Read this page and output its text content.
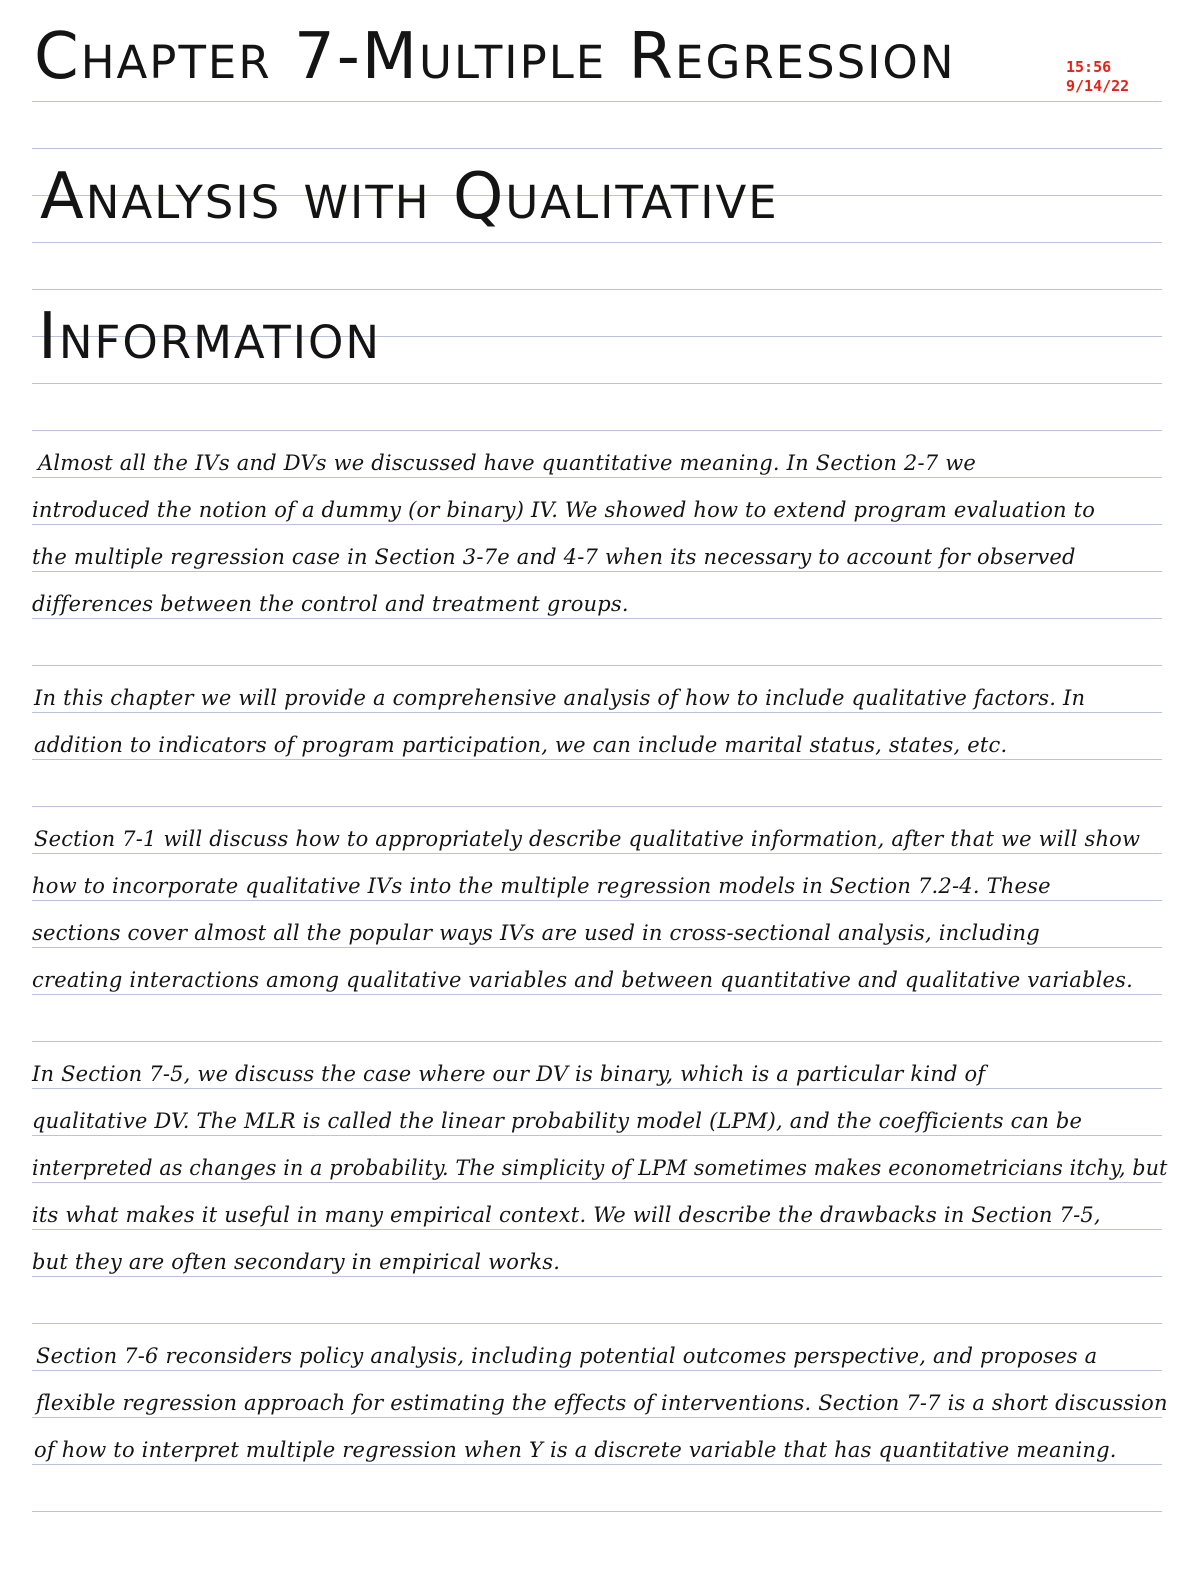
Chapter 7-Multiple Regression
Analysis with Qualitative
Information
15:56
9/14/22
Almost all the IVs and DVs we discussed have quantitative meaning. In Section 2-7 we
introduced the notion of a dummy (or binary) IV. We showed how to extend program evaluation to
the multiple regression case in Section 3-7e and 4-7 when its necessary to account for observed
differences between the control and treatment groups.
In this chapter we will provide a comprehensive analysis of how to include qualitative factors. In
addition to indicators of program participation, we can include marital status, states, etc.
Section 7-1 will discuss how to appropriately describe qualitative information, after that we will show
how to incorporate qualitative IVs into the multiple regression models in Section 7.2-4. These
sections cover almost all the popular ways IVs are used in cross-sectional analysis, including
creating interactions among qualitative variables and between quantitative and qualitative variables.
In Section 7-5, we discuss the case where our DV is binary, which is a particular kind of
qualitative DV. The MLR is called the linear probability model (LPM), and the coefficients can be
interpreted as changes in a probability. The simplicity of LPM sometimes makes econometricians itchy, but
its what makes it useful in many empirical context. We will describe the drawbacks in Section 7-5,
but they are often secondary in empirical works.
Section 7-6 reconsiders policy analysis, including potential outcomes perspective, and proposes a
flexible regression approach for estimating the effects of interventions. Section 7-7 is a short discussion
of how to interpret multiple regression when Y is a discrete variable that has quantitative meaning.
